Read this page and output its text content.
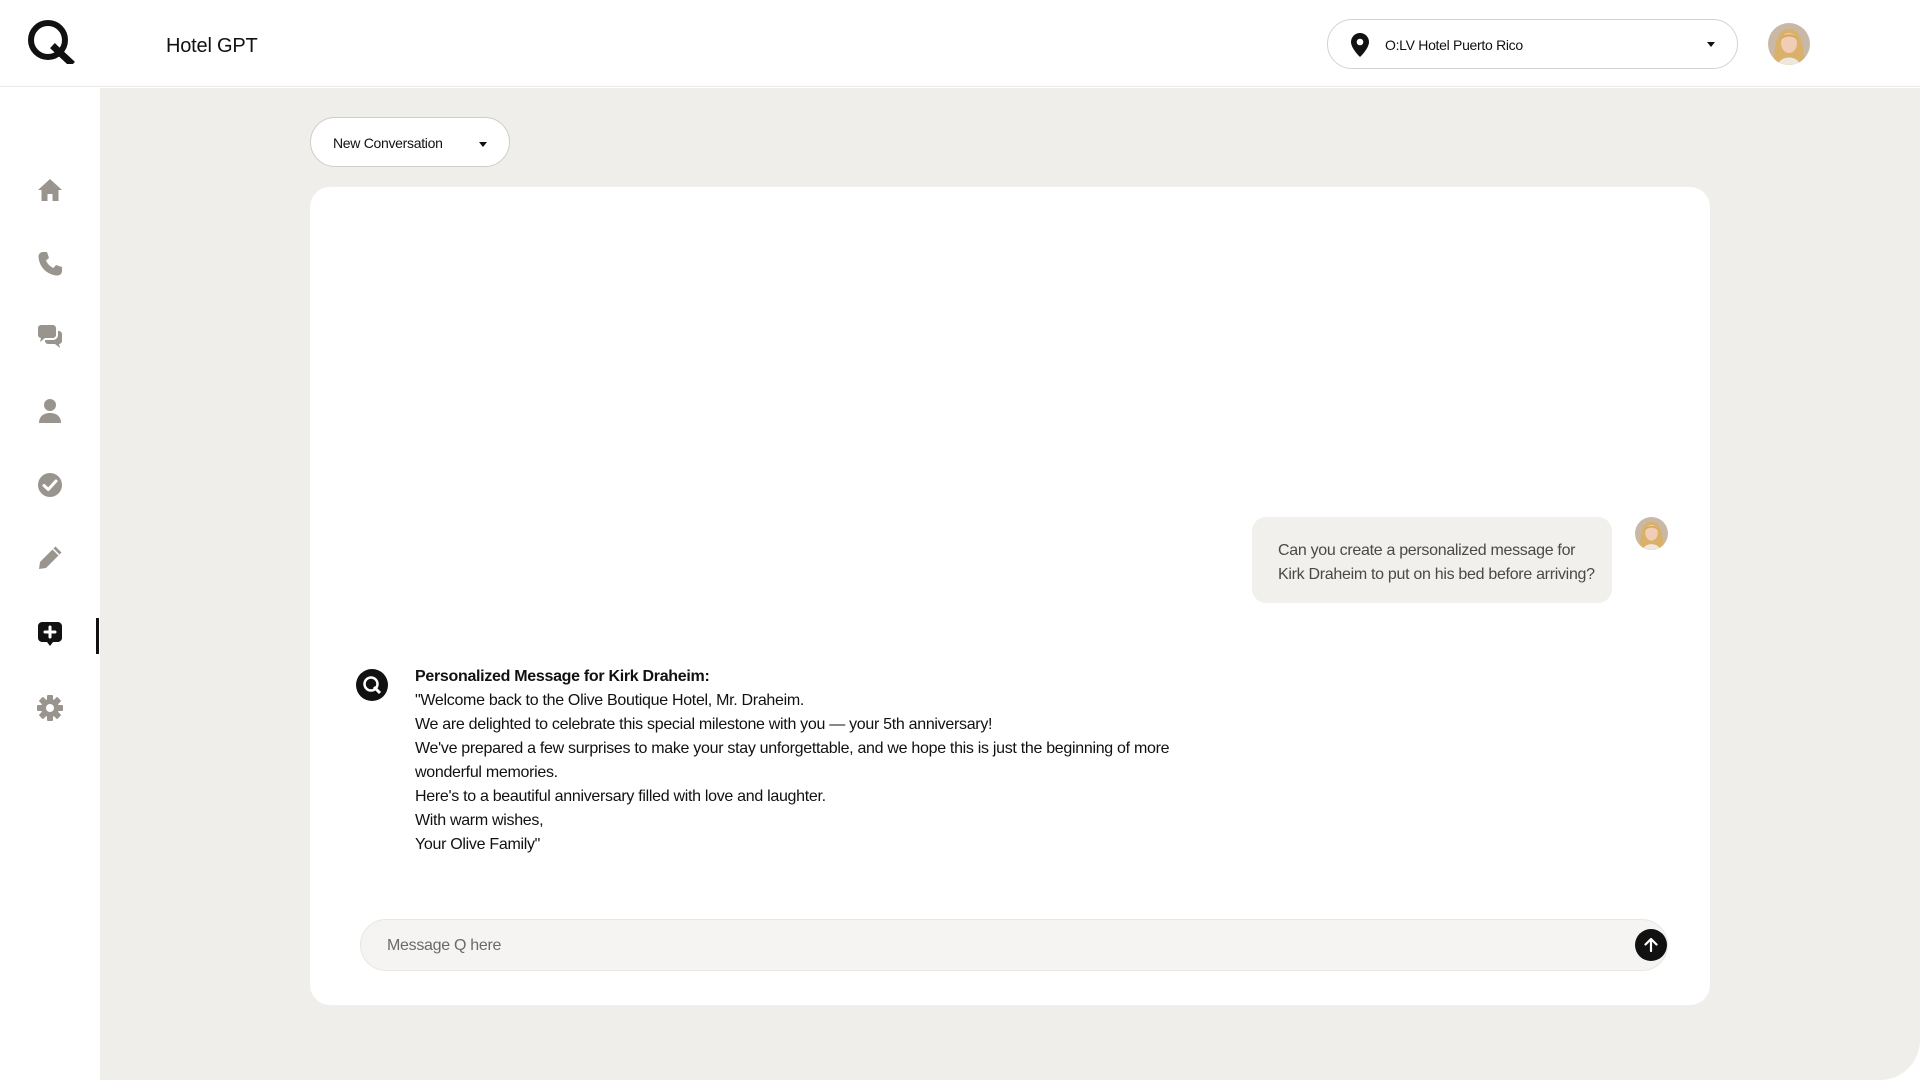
Hotel GPT	O:LV Hotel Puerto Rico
New Conversation
Can you create a personalized message for Kirk Draheim to put on his bed before arriving?
Personalized Message for Kirk Draheim:
"Welcome back to the Olive Boutique Hotel, Mr. Draheim.
We are delighted to celebrate this special milestone with you — your 5th anniversary!
We've prepared a few surprises to make your stay unforgettable, and we hope this is just the beginning of more wonderful memories.
Here's to a beautiful anniversary filled with love and laughter.
With warm wishes,
Your Olive Family"
Message Q here
